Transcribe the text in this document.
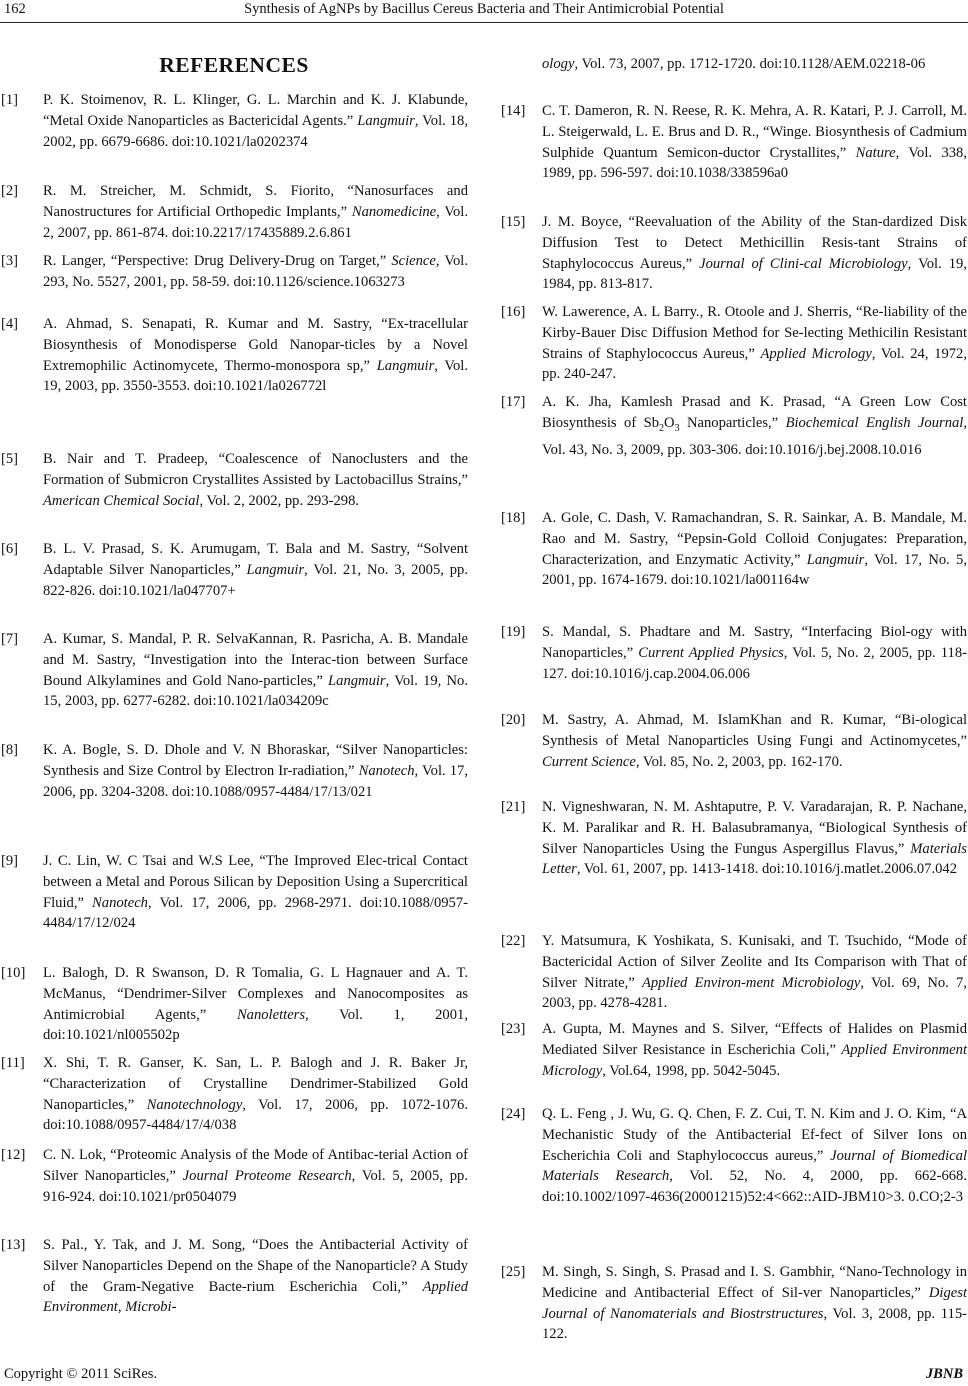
162	Synthesis of AgNPs by Bacillus Cereus Bacteria and Their Antimicrobial Potential
REFERENCES
[1] P. K. Stoimenov, R. L. Klinger, G. L. Marchin and K. J. Klabunde, “Metal Oxide Nanoparticles as Bactericidal Agents.” Langmuir, Vol. 18, 2002, pp. 6679-6686. doi:10.1021/la0202374
[2] R. M. Streicher, M. Schmidt, S. Fiorito, “Nanosurfaces and Nanostructures for Artificial Orthopedic Implants,” Nanomedicine, Vol. 2, 2007, pp. 861-874. doi:10.2217/17435889.2.6.861
[3] R. Langer, “Perspective: Drug Delivery-Drug on Target,” Science, Vol. 293, No. 5527, 2001, pp. 58-59. doi:10.1126/science.1063273
[4] A. Ahmad, S. Senapati, R. Kumar and M. Sastry, “Ex-tracellular Biosynthesis of Monodisperse Gold Nanopar-ticles by a Novel Extremophilic Actinomycete, Thermo-monospora sp,” Langmuir, Vol. 19, 2003, pp. 3550-3553. doi:10.1021/la026772l
[5] B. Nair and T. Pradeep, “Coalescence of Nanoclusters and the Formation of Submicron Crystallites Assisted by Lactobacillus Strains,” American Chemical Social, Vol. 2, 2002, pp. 293-298.
[6] B. L. V. Prasad, S. K. Arumugam, T. Bala and M. Sastry, “Solvent Adaptable Silver Nanoparticles,” Langmuir, Vol. 21, No. 3, 2005, pp. 822-826. doi:10.1021/la047707+
[7] A. Kumar, S. Mandal, P. R. SelvaKannan, R. Pasricha, A. B. Mandale and M. Sastry, “Investigation into the Interac-tion between Surface Bound Alkylamines and Gold Nano-particles,” Langmuir, Vol. 19, No. 15, 2003, pp. 6277-6282. doi:10.1021/la034209c
[8] K. A. Bogle, S. D. Dhole and V. N Bhoraskar, “Silver Nanoparticles: Synthesis and Size Control by Electron Ir-radiation,” Nanotech, Vol. 17, 2006, pp. 3204-3208. doi:10.1088/0957-4484/17/13/021
[9] J. C. Lin, W. C Tsai and W.S Lee, “The Improved Elec-trical Contact between a Metal and Porous Silican by Deposition Using a Supercritical Fluid,” Nanotech, Vol. 17, 2006, pp. 2968-2971. doi:10.1088/0957-4484/17/12/024
[10] L. Balogh, D. R Swanson, D. R Tomalia, G. L Hagnauer and A. T. McManus, “Dendrimer-Silver Complexes and Nanocomposites as Antimicrobial Agents,” Nanoletters, Vol. 1, 2001, doi:10.1021/nl005502p
[11] X. Shi, T. R. Ganser, K. San, L. P. Balogh and J. R. Baker Jr, “Characterization of Crystalline Dendrimer-Stabilized Gold Nanoparticles,” Nanotechnology, Vol. 17, 2006, pp. 1072-1076. doi:10.1088/0957-4484/17/4/038
[12] C. N. Lok, “Proteomic Analysis of the Mode of Antibac-terial Action of Silver Nanoparticles,” Journal Proteome Research, Vol. 5, 2005, pp. 916-924. doi:10.1021/pr0504079
[13] S. Pal., Y. Tak, and J. M. Song, “Does the Antibacterial Activity of Silver Nanoparticles Depend on the Shape of the Nanoparticle? A Study of the Gram-Negative Bacte-rium Escherichia Coli,” Applied Environment, Microbi-
ology, Vol. 73, 2007, pp. 1712-1720. doi:10.1128/AEM.02218-06
[14] C. T. Dameron, R. N. Reese, R. K. Mehra, A. R. Katari, P. J. Carroll, M. L. Steigerwald, L. E. Brus and D. R., “Winge. Biosynthesis of Cadmium Sulphide Quantum Semicon-ductor Crystallites,” Nature, Vol. 338, 1989, pp. 596-597. doi:10.1038/338596a0
[15] J. M. Boyce, “Reevaluation of the Ability of the Stan-dardized Disk Diffusion Test to Detect Methicillin Resis-tant Strains of Staphylococcus Aureus,” Journal of Clini-cal Microbiology, Vol. 19, 1984, pp. 813-817.
[16] W. Lawerence, A. L Barry., R. Otoole and J. Sherris, “Re-liability of the Kirby-Bauer Disc Diffusion Method for Se-lecting Methicilin Resistant Strains of Staphylococcus Aureus,” Applied Micrology, Vol. 24, 1972, pp. 240-247.
[17] A. K. Jha, Kamlesh Prasad and K. Prasad, “A Green Low Cost Biosynthesis of $Sb_2O_3$ Nanoparticles,” Biochemical English Journal, Vol. 43, No. 3, 2009, pp. 303-306. doi:10.1016/j.bej.2008.10.016
[18] A. Gole, C. Dash, V. Ramachandran, S. R. Sainkar, A. B. Mandale, M. Rao and M. Sastry, “Pepsin-Gold Colloid Conjugates: Preparation, Characterization, and Enzymatic Activity,” Langmuir, Vol. 17, No. 5, 2001, pp. 1674-1679. doi:10.1021/la001164w
[19] S. Mandal, S. Phadtare and M. Sastry, “Interfacing Biol-ogy with Nanoparticles,” Current Applied Physics, Vol. 5, No. 2, 2005, pp. 118-127. doi:10.1016/j.cap.2004.06.006
[20] M. Sastry, A. Ahmad, M. IslamKhan and R. Kumar, “Bi-ological Synthesis of Metal Nanoparticles Using Fungi and Actinomycetes,” Current Science, Vol. 85, No. 2, 2003, pp. 162-170.
[21] N. Vigneshwaran, N. M. Ashtaputre, P. V. Varadarajan, R. P. Nachane, K. M. Paralikar and R. H. Balasubramanya, “Biological Synthesis of Silver Nanoparticles Using the Fungus Aspergillus Flavus,” Materials Letter, Vol. 61, 2007, pp. 1413-1418. doi:10.1016/j.matlet.2006.07.042
[22] Y. Matsumura, K Yoshikata, S. Kunisaki, and T. Tsuchido, “Mode of Bactericidal Action of Silver Zeolite and Its Comparison with That of Silver Nitrate,” Applied Environ-ment Microbiology, Vol. 69, No. 7, 2003, pp. 4278-4281.
[23] A. Gupta, M. Maynes and S. Silver, “Effects of Halides on Plasmid Mediated Silver Resistance in Escherichia Coli,” Applied Environment Micrology, Vol.64, 1998, pp. 5042-5045.
[24] Q. L. Feng , J. Wu, G. Q. Chen, F. Z. Cui, T. N. Kim and J. O. Kim, “A Mechanistic Study of the Antibacterial Ef-fect of Silver Ions on Escherichia Coli and Staphylococcus aureus,” Journal of Biomedical Materials Research, Vol. 52, No. 4, 2000, pp. 662-668. doi:10.1002/1097-4636(20001215)52:4<662::AID-JBM10>3. 0.CO;2-3
[25] M. Singh, S. Singh, S. Prasad and I. S. Gambhir, “Nano-Technology in Medicine and Antibacterial Effect of Sil-ver Nanoparticles,” Digest Journal of Nanomaterials and Biostrstructures, Vol. 3, 2008, pp. 115-122.
Copyright © 2011 SciRes.	JBNB
